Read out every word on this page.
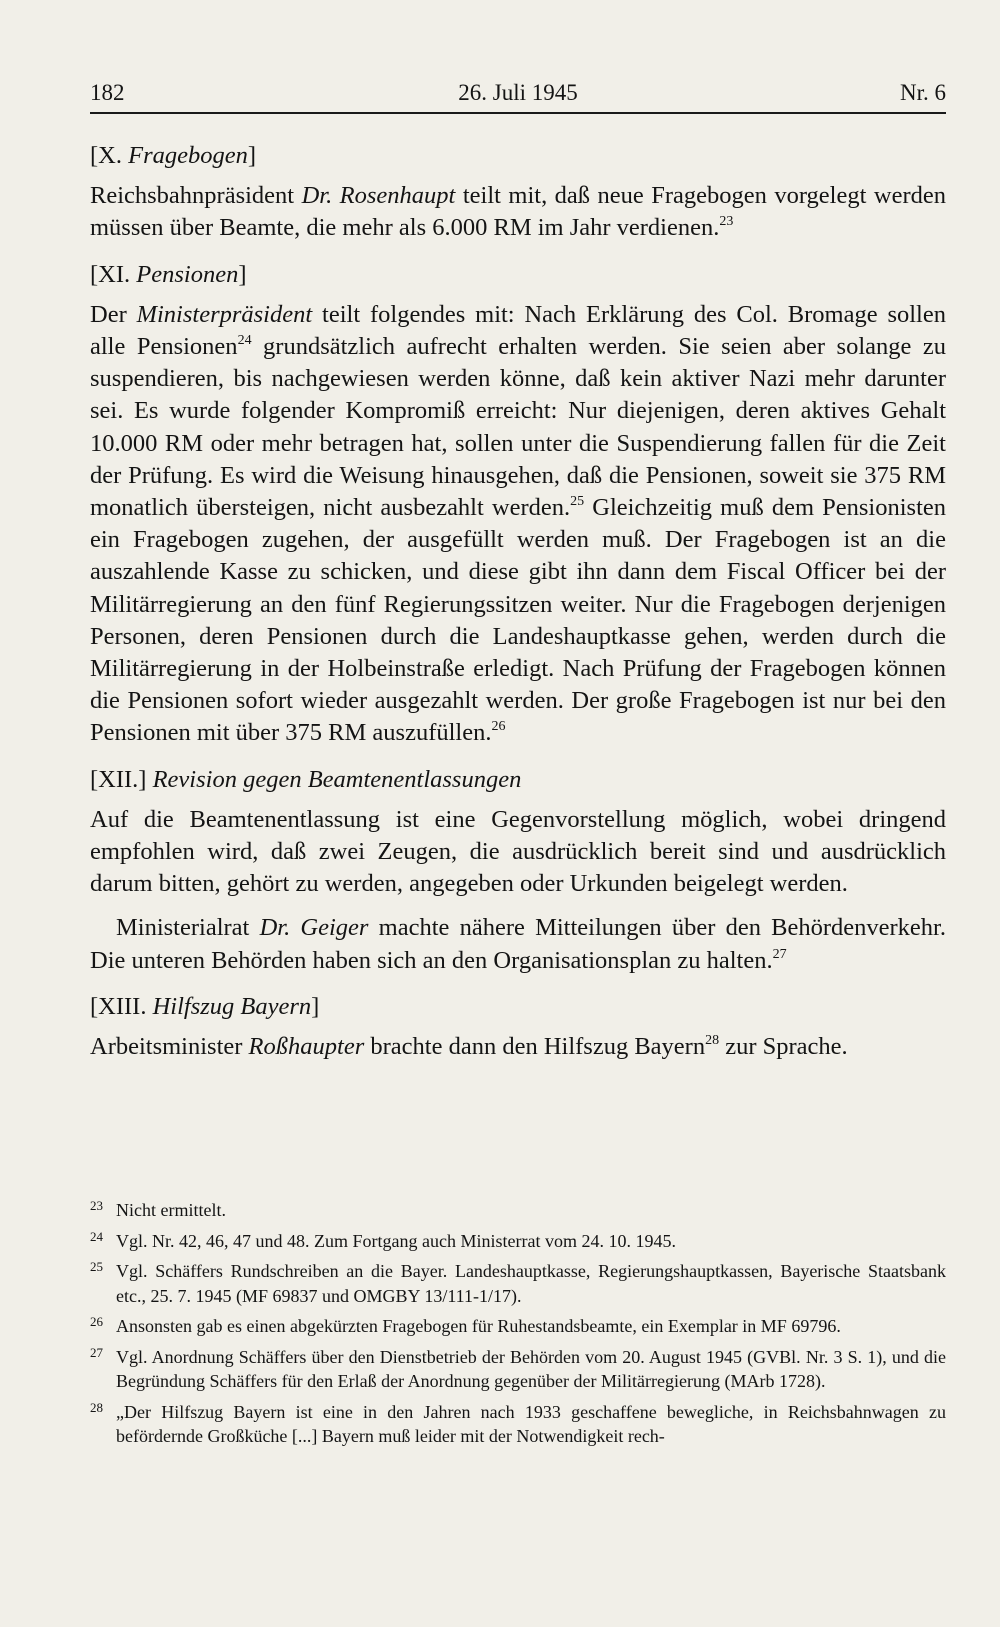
182	26. Juli 1945	Nr. 6
[X. Fragebogen]

Reichsbahnpräsident Dr. Rosenhaupt teilt mit, daß neue Fragebogen vorgelegt werden müssen über Beamte, die mehr als 6.000 RM im Jahr verdienen.$^{23}$

[XI. Pensionen]

Der Ministerpräsident teilt folgendes mit: Nach Erklärung des Col. Bromage sollen alle Pensionen$^{24}$ grundsätzlich aufrecht erhalten werden. Sie seien aber solange zu suspendieren, bis nachgewiesen werden könne, daß kein aktiver Nazi mehr darunter sei. Es wurde folgender Kompromiß erreicht: Nur diejenigen, deren aktives Gehalt 10.000 RM oder mehr betragen hat, sollen unter die Suspendierung fallen für die Zeit der Prüfung. Es wird die Weisung hinausgehen, daß die Pensionen, soweit sie 375 RM monatlich übersteigen, nicht ausbezahlt werden.$^{25}$ Gleichzeitig muß dem Pensionisten ein Fragebogen zugehen, der ausgefüllt werden muß. Der Fragebogen ist an die auszahlende Kasse zu schicken, und diese gibt ihn dann dem Fiscal Officer bei der Militärregierung an den fünf Regierungssitzen weiter. Nur die Fragebogen derjenigen Personen, deren Pensionen durch die Landeshauptkasse gehen, werden durch die Militärregierung in der Holbeinstraße erledigt. Nach Prüfung der Fragebogen können die Pensionen sofort wieder ausgezahlt werden. Der große Fragebogen ist nur bei den Pensionen mit über 375 RM auszufüllen.$^{26}$

[XII.] Revision gegen Beamtenentlassungen

Auf die Beamtenentlassung ist eine Gegenvorstellung möglich, wobei dringend empfohlen wird, daß zwei Zeugen, die ausdrücklich bereit sind und ausdrücklich darum bitten, gehört zu werden, angegeben oder Urkunden beigelegt werden.

Ministerialrat Dr. Geiger machte nähere Mitteilungen über den Behördenverkehr. Die unteren Behörden haben sich an den Organisationsplan zu halten.$^{27}$

[XIII. Hilfszug Bayern]

Arbeitsminister Roßhaupter brachte dann den Hilfszug Bayern$^{28}$ zur Sprache.

23 Nicht ermittelt.
24 Vgl. Nr. 42, 46, 47 und 48. Zum Fortgang auch Ministerrat vom 24. 10. 1945.
25 Vgl. Schäffers Rundschreiben an die Bayer. Landeshauptkasse, Regierungshauptkassen, Bayerische Staatsbank etc., 25. 7. 1945 (MF 69837 und OMGBY 13/111-1/17).
26 Ansonsten gab es einen abgekürzten Fragebogen für Ruhestandsbeamte, ein Exemplar in MF 69796.
27 Vgl. Anordnung Schäffers über den Dienstbetrieb der Behörden vom 20. August 1945 (GVBl. Nr. 3 S. 1), und die Begründung Schäffers für den Erlaß der Anordnung gegenüber der Militärregierung (MArb 1728).
28 „Der Hilfszug Bayern ist eine in den Jahren nach 1933 geschaffene bewegliche, in Reichsbahnwagen zu befördernde Großküche [...] Bayern muß leider mit der Notwendigkeit rech-
